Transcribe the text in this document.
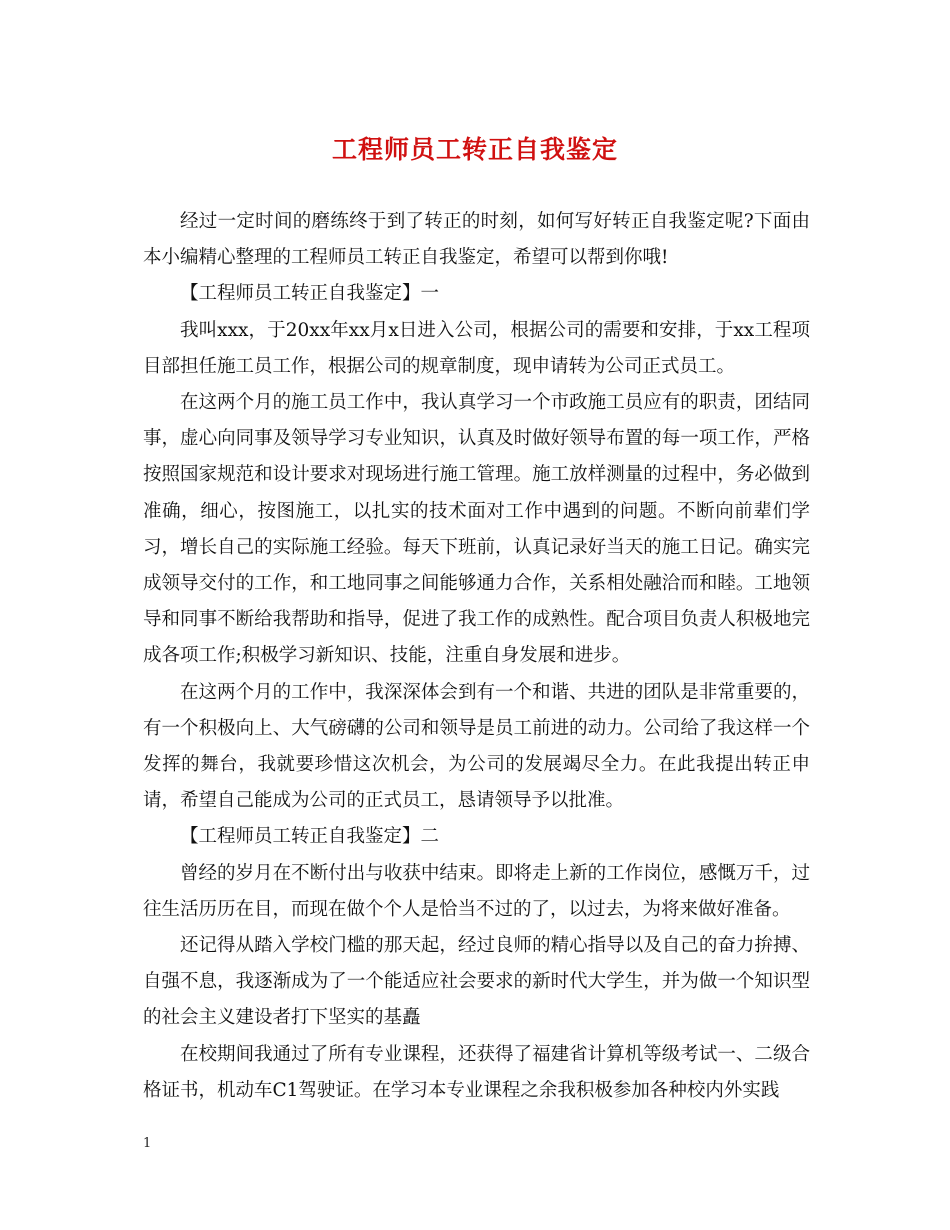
工程师员工转正自我鉴定

经过一定时间的磨练终于到了转正的时刻，如何写好转正自我鉴定呢?下面由本小编精心整理的工程师员工转正自我鉴定，希望可以帮到你哦!

【工程师员工转正自我鉴定】一

我叫xxx，于20xx年xx月x日进入公司，根据公司的需要和安排，于xx工程项目部担任施工员工作，根据公司的规章制度，现申请转为公司正式员工。

在这两个月的施工员工作中，我认真学习一个市政施工员应有的职责，团结同事，虚心向同事及领导学习专业知识，认真及时做好领导布置的每一项工作，严格按照国家规范和设计要求对现场进行施工管理。施工放样测量的过程中，务必做到准确，细心，按图施工，以扎实的技术面对工作中遇到的问题。不断向前辈们学习，增长自己的实际施工经验。每天下班前，认真记录好当天的施工日记。确实完成领导交付的工作，和工地同事之间能够通力合作，关系相处融洽而和睦。工地领导和同事不断给我帮助和指导，促进了我工作的成熟性。配合项目负责人积极地完成各项工作;积极学习新知识、技能，注重自身发展和进步。

在这两个月的工作中，我深深体会到有一个和谐、共进的团队是非常重要的，有一个积极向上、大气磅礴的公司和领导是员工前进的动力。公司给了我这样一个发挥的舞台，我就要珍惜这次机会，为公司的发展竭尽全力。在此我提出转正申请，希望自己能成为公司的正式员工，恳请领导予以批准。

【工程师员工转正自我鉴定】二

曾经的岁月在不断付出与收获中结束。即将走上新的工作岗位，感慨万千，过往生活历历在目，而现在做个个人是恰当不过的了，以过去，为将来做好准备。

还记得从踏入学校门槛的那天起，经过良师的精心指导以及自己的奋力拚搏、自强不息，我逐渐成为了一个能适应社会要求的新时代大学生，并为做一个知识型的社会主义建设者打下坚实的基矗

在校期间我通过了所有专业课程，还获得了福建省计算机等级考试一、二级合格证书，机动车C1驾驶证。在学习本专业课程之余我积极参加各种校内外实践

1
